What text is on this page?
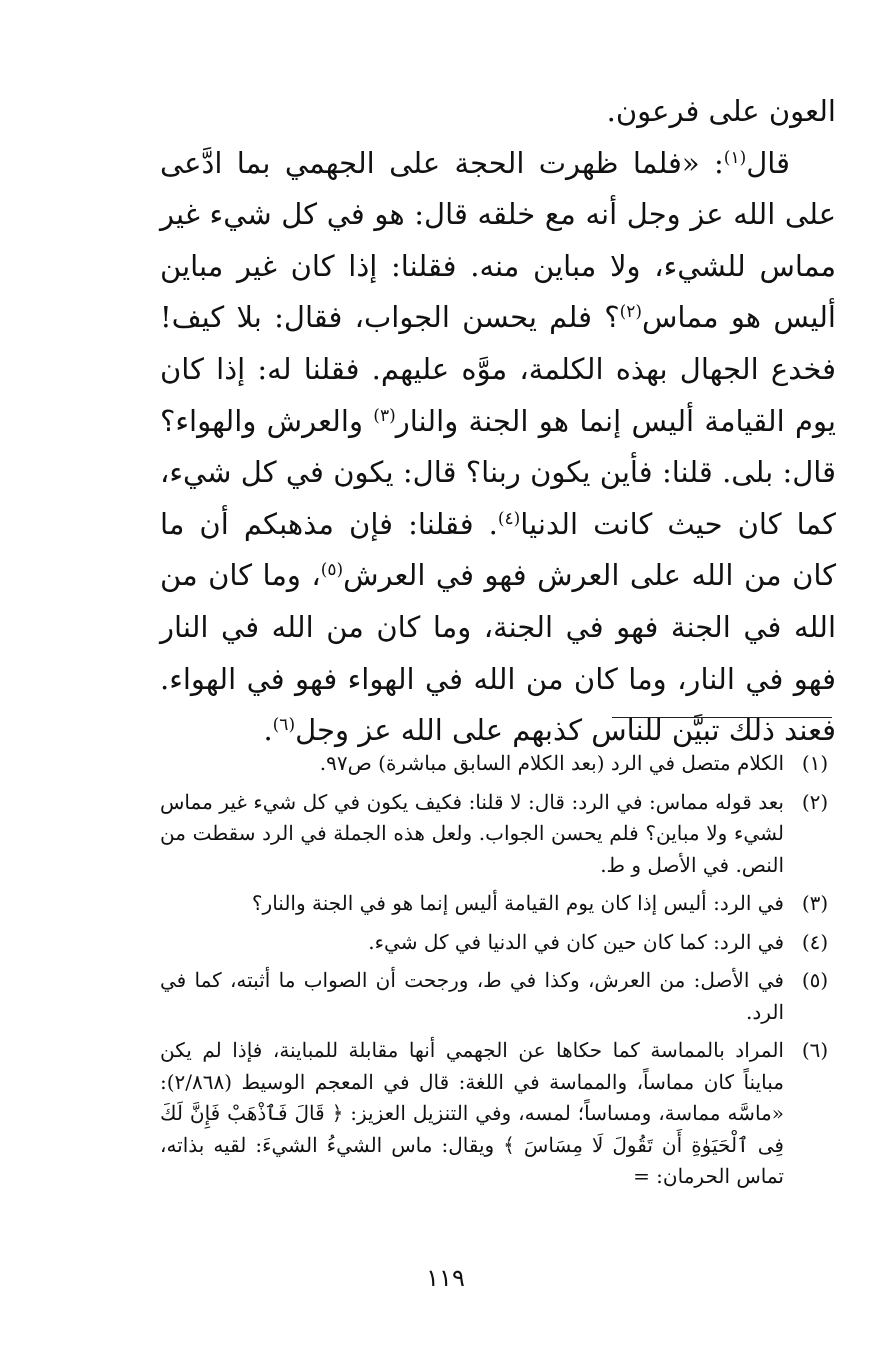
العون على فرعون.

قال$^{(١)}$: «فلما ظهرت الحجة على الجهمي بما ادَّعى على الله عز وجل أنه مع خلقه قال: هو في كل شيء غير مماس للشيء، ولا مباين منه. فقلنا: إذا كان غير مباين أليس هو مماس$^{(٢)}$؟ فلم يحسن الجواب، فقال: بلا كيف! فخدع الجهال بهذه الكلمة، موَّه عليهم. فقلنا له: إذا كان يوم القيامة أليس إنما هو الجنة والنار$^{(٣)}$ والعرش والهواء؟ قال: بلى. قلنا: فأين يكون ربنا؟ قال: يكون في كل شيء، كما كان حيث كانت الدنيا$^{(٤)}$. فقلنا: فإن مذهبكم أن ما كان من الله على العرش فهو في العرش$^{(٥)}$، وما كان من الله في الجنة فهو في الجنة، وما كان من الله في النار فهو في النار، وما كان من الله في الهواء فهو في الهواء. فعند ذلك تبيَّن للناس كذبهم على الله عز وجل$^{(٦)}$.

(١)
الكلام متصل في الرد (بعد الكلام السابق مباشرة) ص٩٧.
(٢)
بعد قوله مماس: في الرد: قال: لا قلنا: فكيف يكون في كل شيء غير مماس لشيء ولا مباين؟ فلم يحسن الجواب. ولعل هذه الجملة في الرد سقطت من النص. في الأصل و ط.
(٣)
في الرد: أليس إذا كان يوم القيامة أليس إنما هو في الجنة والنار؟
(٤)
في الرد: كما كان حين كان في الدنيا في كل شيء.
(٥)
في الأصل: من العرش، وكذا في ط، ورجحت أن الصواب ما أثبته، كما في الرد.
(٦)
المراد بالمماسة كما حكاها عن الجهمي أنها مقابلة للمباينة، فإذا لم يكن مبايناً كان مماساً، والمماسة في اللغة: قال في المعجم الوسيط (٢/٨٦٨): «ماسَّه مماسة، ومساساً؛ لمسه، وفي التنزيل العزيز: ﴿ قَالَ فَٱذْهَبْ فَإِنَّ لَكَ فِى ٱلْحَيَوٰةِ أَن تَقُولَ لَا مِسَاسَ ﴾ ويقال: ماس الشيءُ الشيءَ: لقيه بذاته، تماس الحرمان: =
١١٩
